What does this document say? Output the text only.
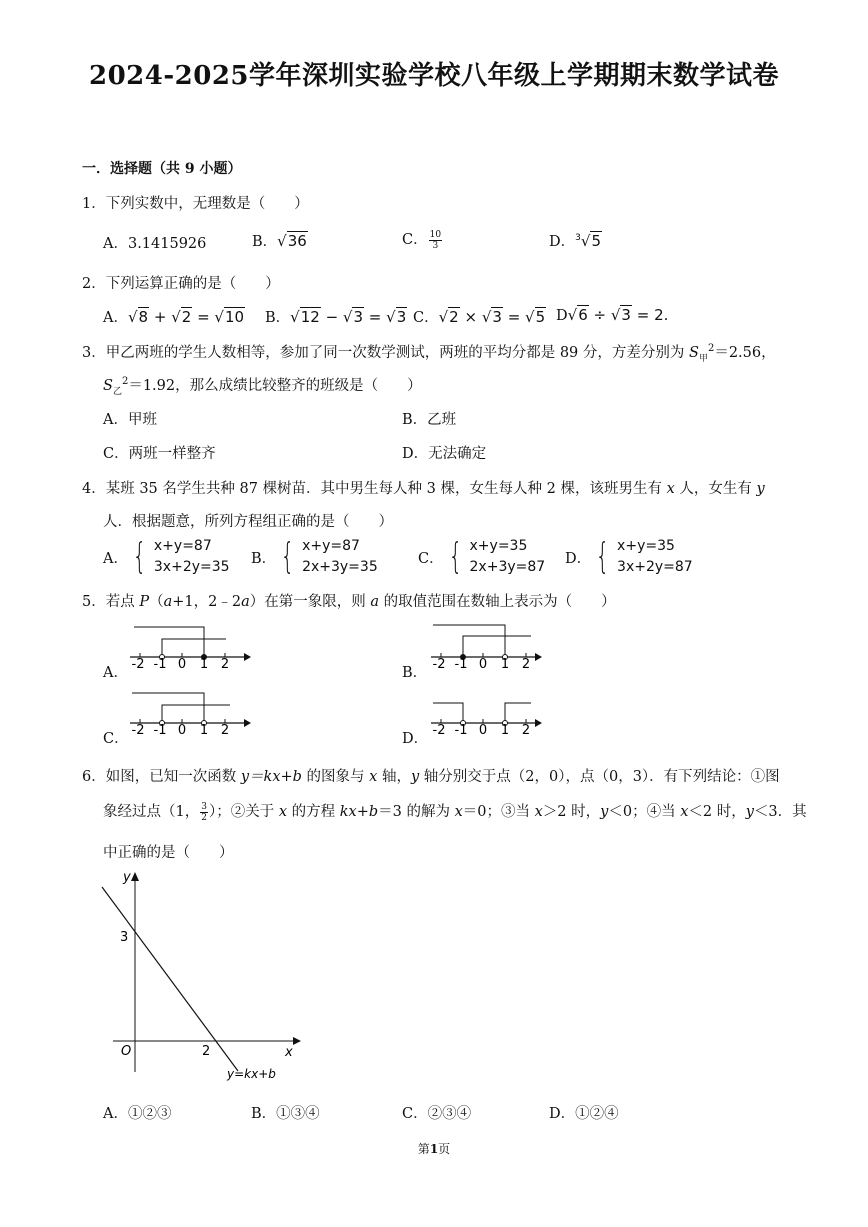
2024-2025学年深圳实验学校八年级上学期期末数学试卷
一．选择题（共 9 小题）
1．下列实数中，无理数是（　　）
A．3.1415926	B．√36	C． $\frac{10}{3}$	D．$^3$√5
2．下列运算正确的是（　　）
A．√8 + √2 = √10 B．√12 − √3 = √3 C．√2 × √3 = √5 D√6 ÷ √3 = 2.
3．甲乙两班的学生人数相等，参加了同一次数学测试，两班的平均分都是 89 分，方差分别为 $S_甲^2=2.56$，
$S_乙^2=1.92$，那么成绩比较整齐的班级是（　　）
A．甲班	B．乙班
C．两班一样整齐	D．无法确定
4．某班 35 名学生共种 87 棵树苗．其中男生每人种 3 棵，女生每人种 2 棵，该班男生有 x 人，女生有 y
人．根据题意，所列方程组正确的是（　　）
A． { x+y=87
3x+2y=35
B． { x+y=87
2x+3y=35
C． { x+y=35
2x+3y=87
D． { x+y=35
3x+2y=87
5．若点 P（a+1，2﹣2a）在第一象限，则 a 的取值范围在数轴上表示为（　　）
A．
-2 -1 0 1 2
B．
-2 -1 0 1 2
C．
-2 -1 0 1 2
D．
-2 -1 0 1 2
6．如图，已知一次函数 y＝kx+b 的图象与 x 轴，y 轴分别交于点（2，0），点（0，3）．有下列结论：①图
象经过点（1， $\frac{3}{2}$ ）；②关于 x 的方程 kx+b＝3 的解为 x＝0；③当 x＞2 时，y＜0；④当 x＜2 时，y＜3．其
中正确的是（　　）
y
x
O
3
2
y=kx+b
A．①②③	B．①③④	C．②③④	D．①②④
第1页
